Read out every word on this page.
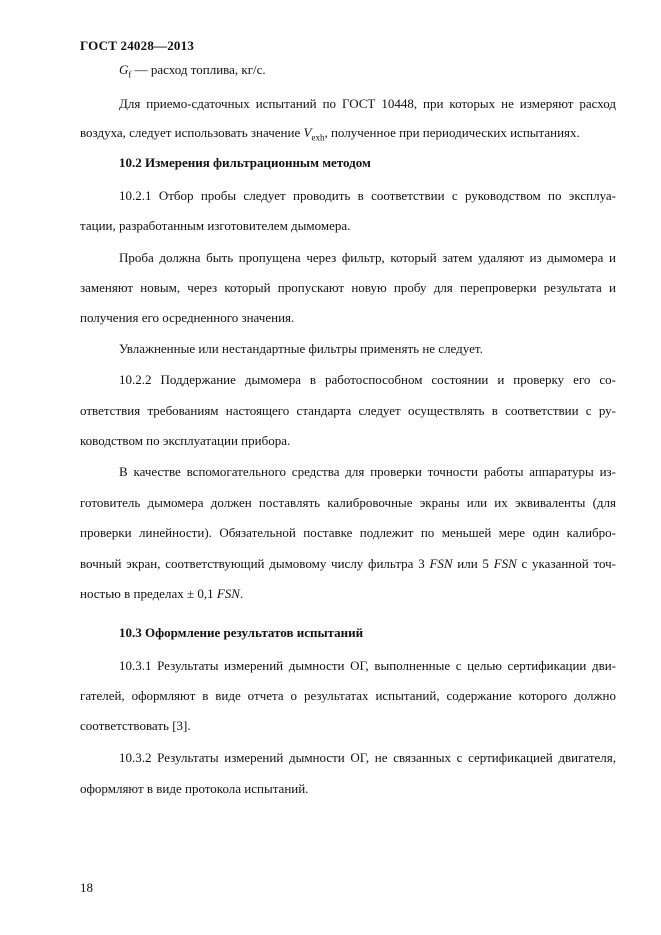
ГОСТ 24028—2013
$G_f$ — расход топлива, кг/с.
Для приемо-сдаточных испытаний по ГОСТ 10448, при которых не измеряют расход
воздуха, следует использовать значение $V_{exh}$, полученное при периодических испытаниях.
10.2 Измерения фильтрационным методом
10.2.1 Отбор пробы следует проводить в соответствии с руководством по эксплуа-
тации, разработанным изготовителем дымомера.
Проба должна быть пропущена через фильтр, который затем удаляют из дымомера и
заменяют новым, через который пропускают новую пробу для перепроверки результата и
получения его осредненного значения.
Увлажненные или нестандартные фильтры применять не следует.
10.2.2 Поддержание дымомера в работоспособном состоянии и проверку его со-
ответствия требованиям настоящего стандарта следует осуществлять в соответствии с ру-
ководством по эксплуатации прибора.
В качестве вспомогательного средства для проверки точности работы аппаратуры из-
готовитель дымомера должен поставлять калибровочные экраны или их эквиваленты (для
проверки линейности). Обязательной поставке подлежит по меньшей мере один калибро-
вочный экран, соответствующий дымовому числу фильтра 3 FSN или 5 FSN с указанной точ-
ностью в пределах ± 0,1 FSN.
10.3 Оформление результатов испытаний
10.3.1 Результаты измерений дымности ОГ, выполненные с целью сертификации дви-
гателей, оформляют в виде отчета о результатах испытаний, содержание которого должно
соответствовать [3].
10.3.2 Результаты измерений дымности ОГ, не связанных с сертификацией двигателя,
оформляют в виде протокола испытаний.
18
